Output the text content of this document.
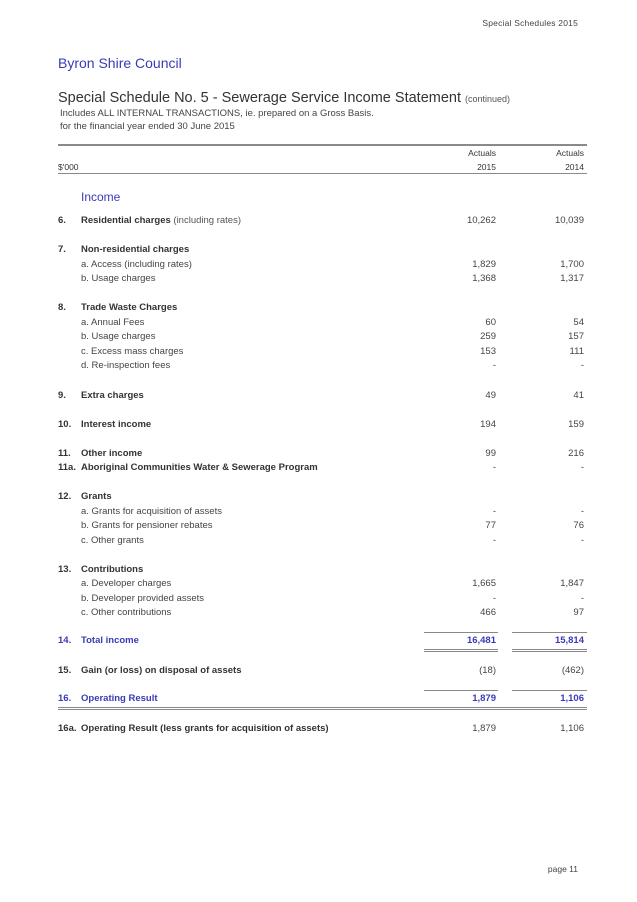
Special Schedules 2015
Byron Shire Council
Special Schedule No. 5 - Sewerage Service Income Statement (continued)
Includes ALL INTERNAL TRANSACTIONS, ie. prepared on a Gross Basis.
for the financial year ended 30 June 2015
Actuals	Actuals
$'000	2015	2014
Income
6. Residential charges (including rates)	10,262	10,039
7. Non-residential charges
a. Access (including rates)	1,829	1,700
b. Usage charges	1,368	1,317
8. Trade Waste Charges
a. Annual Fees	60	54
b. Usage charges	259	157
c. Excess mass charges	153	111
d. Re-inspection fees	-	-
9. Extra charges	49	41
10. Interest income	194	159
11. Other income	99	216
11a. Aboriginal Communities Water & Sewerage Program	-	-
12. Grants
a. Grants for acquisition of assets	-	-
b. Grants for pensioner rebates	77	76
c. Other grants	-	-
13. Contributions
a. Developer charges	1,665	1,847
b. Developer provided assets	-	-
c. Other contributions	466	97
14. Total income	16,481	15,814
15. Gain (or loss) on disposal of assets	(18)	(462)
16. Operating Result	1,879	1,106
16a. Operating Result (less grants for acquisition of assets)	1,879	1,106
page 11
